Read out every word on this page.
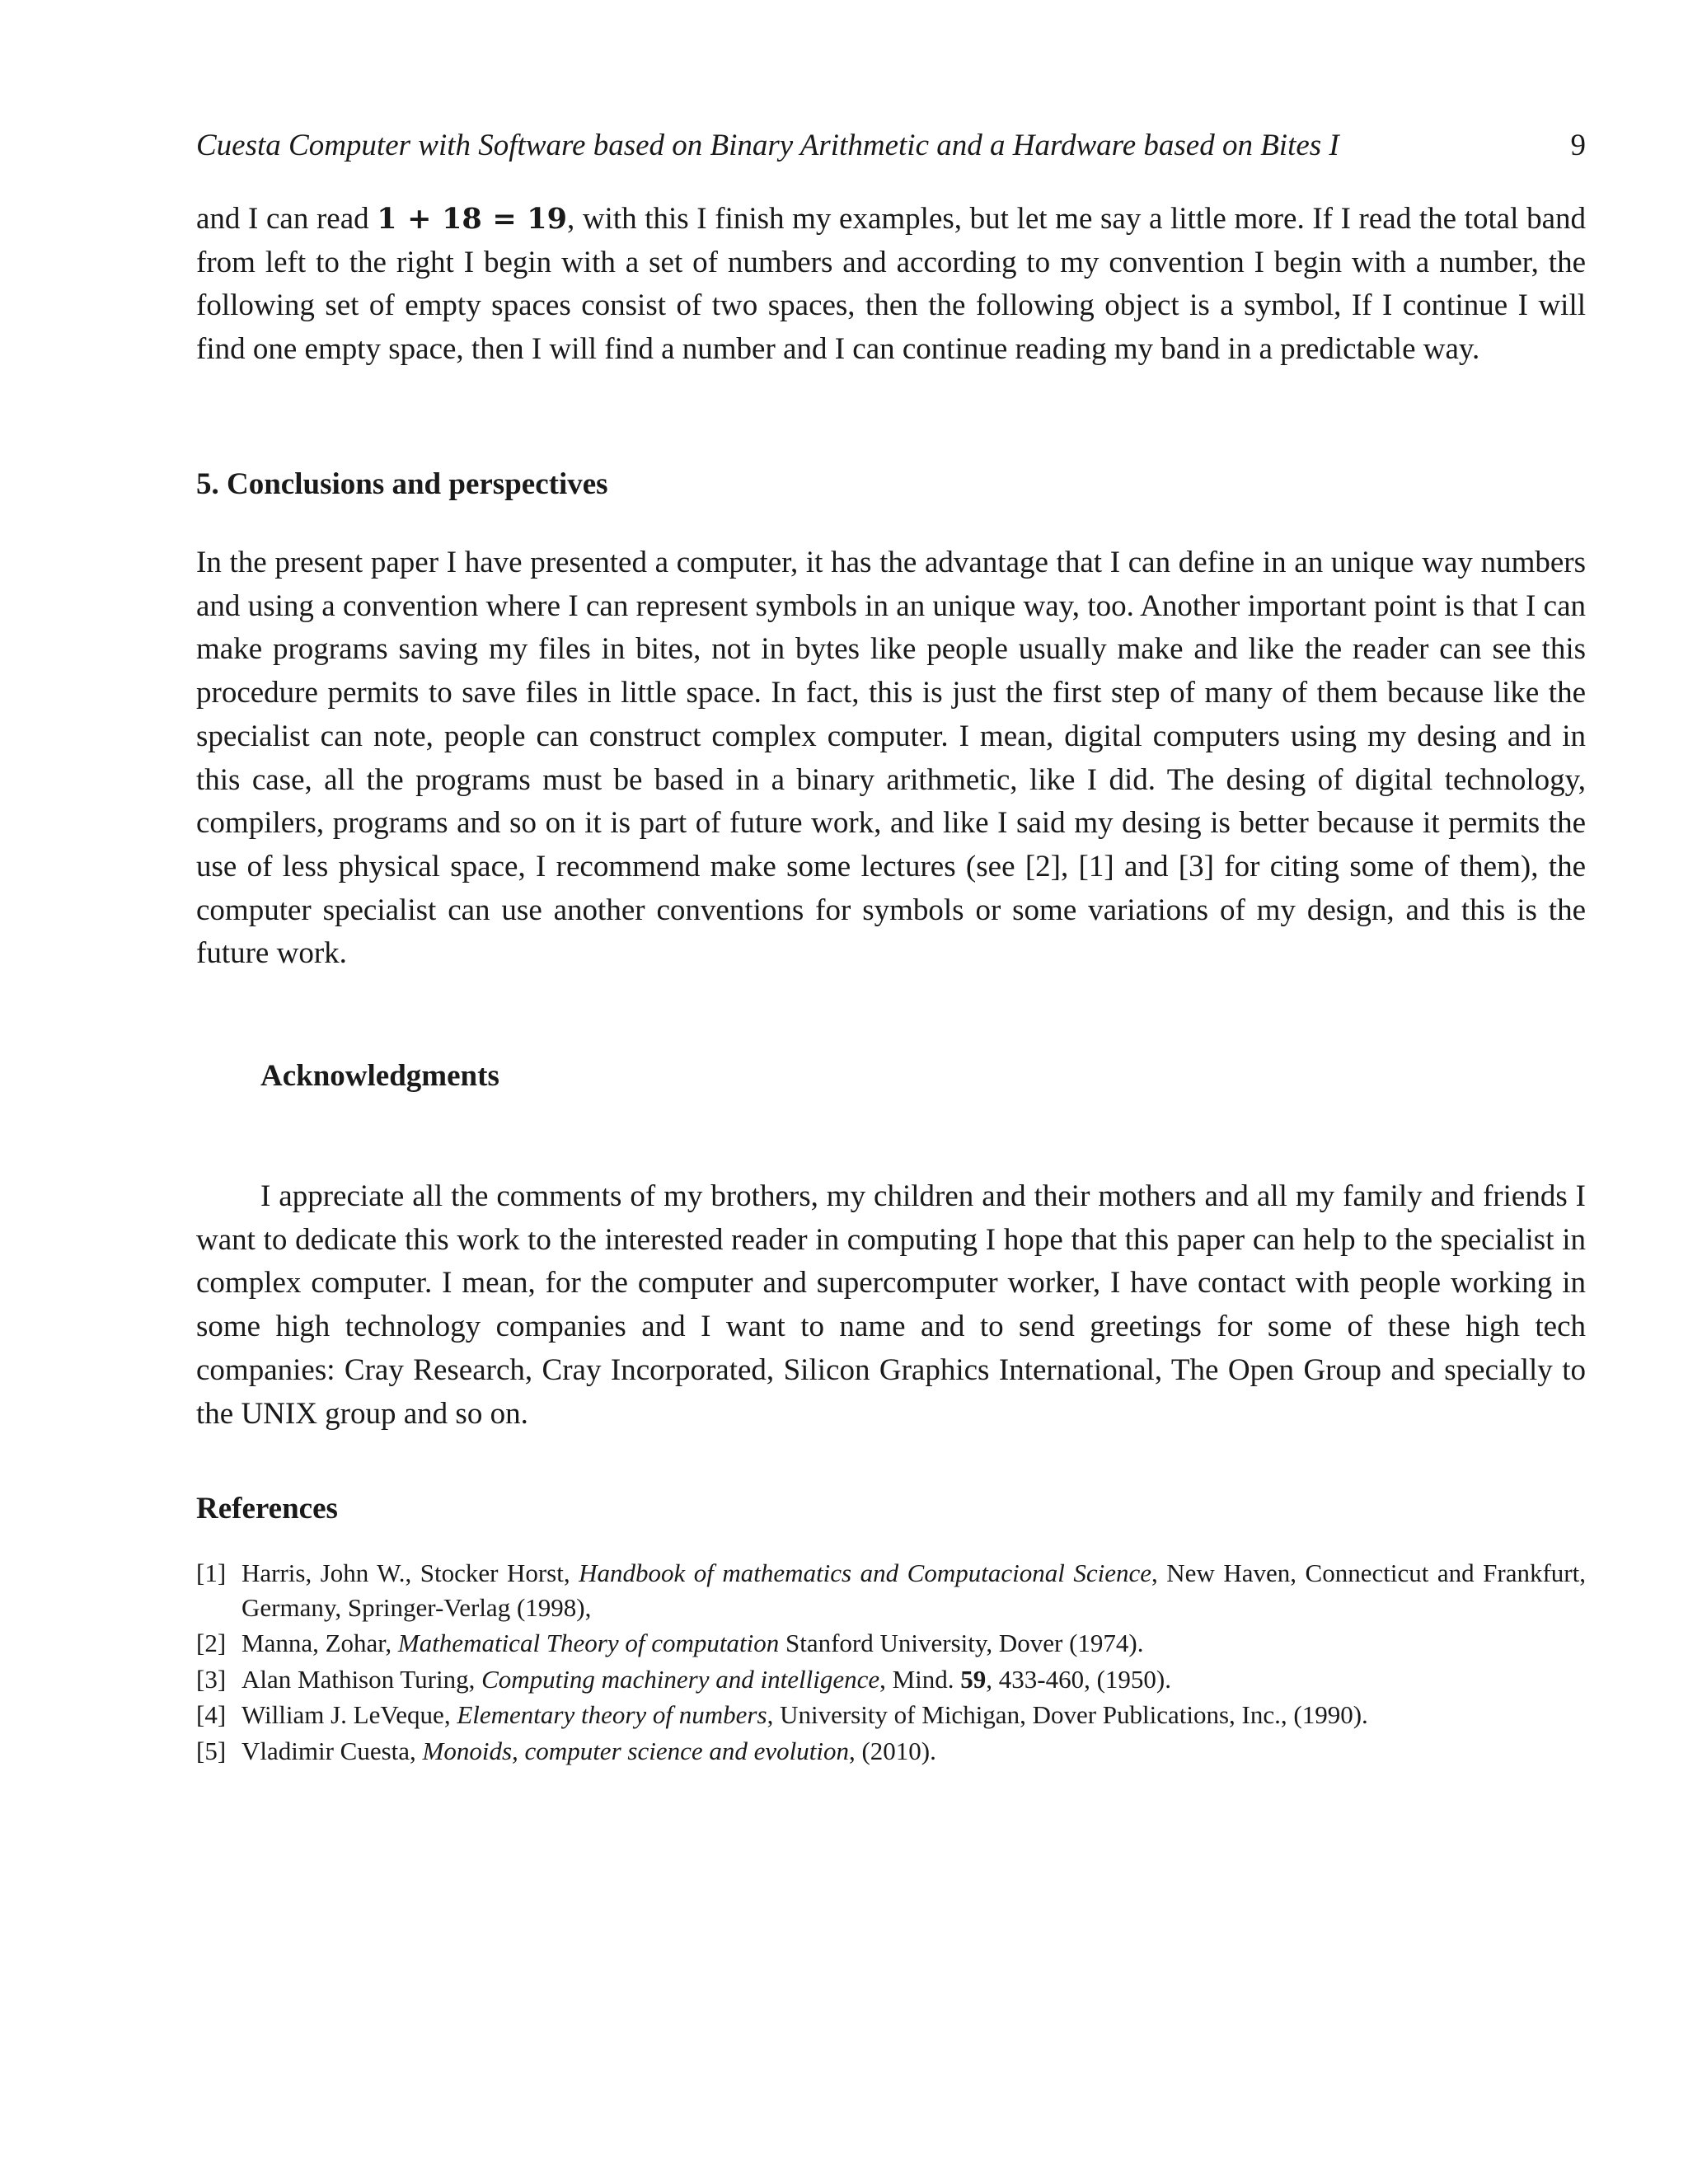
Cuesta Computer with Software based on Binary Arithmetic and a Hardware based on Bites I	9

and I can read 1 + 18 = 19, with this I finish my examples, but let me say a little more. If I read the total band from left to the right I begin with a set of numbers and according to my convention I begin with a number, the following set of empty spaces consist of two spaces, then the following object is a symbol, If I continue I will find one empty space, then I will find a number and I can continue reading my band in a predictable way.

5. Conclusions and perspectives

In the present paper I have presented a computer, it has the advantage that I can define in an unique way numbers and using a convention where I can represent symbols in an unique way, too. Another important point is that I can make programs saving my files in bites, not in bytes like people usually make and like the reader can see this procedure permits to save files in little space. In fact, this is just the first step of many of them because like the specialist can note, people can construct complex computer. I mean, digital computers using my desing and in this case, all the programs must be based in a binary arithmetic, like I did. The desing of digital technology, compilers, programs and so on it is part of future work, and like I said my desing is better because it permits the use of less physical space, I recommend make some lectures (see [2], [1] and [3] for citing some of them), the computer specialist can use another conventions for symbols or some variations of my design, and this is the future work.

Acknowledgments

I appreciate all the comments of my brothers, my children and their mothers and all my family and friends I want to dedicate this work to the interested reader in computing I hope that this paper can help to the specialist in complex computer. I mean, for the computer and supercomputer worker, I have contact with people working in some high technology companies and I want to name and to send greetings for some of these high tech companies: Cray Research, Cray Incorporated, Silicon Graphics International, The Open Group and specially to the UNIX group and so on.

References
[1] Harris, John W., Stocker Horst, Handbook of mathematics and Computacional Science, New Haven, Connecticut and Frankfurt, Germany, Springer-Verlag (1998),
[2] Manna, Zohar, Mathematical Theory of computation Stanford University, Dover (1974).
[3] Alan Mathison Turing, Computing machinery and intelligence, Mind. 59, 433-460, (1950).
[4] William J. LeVeque, Elementary theory of numbers, University of Michigan, Dover Publications, Inc., (1990).
[5] Vladimir Cuesta, Monoids, computer science and evolution, (2010).
